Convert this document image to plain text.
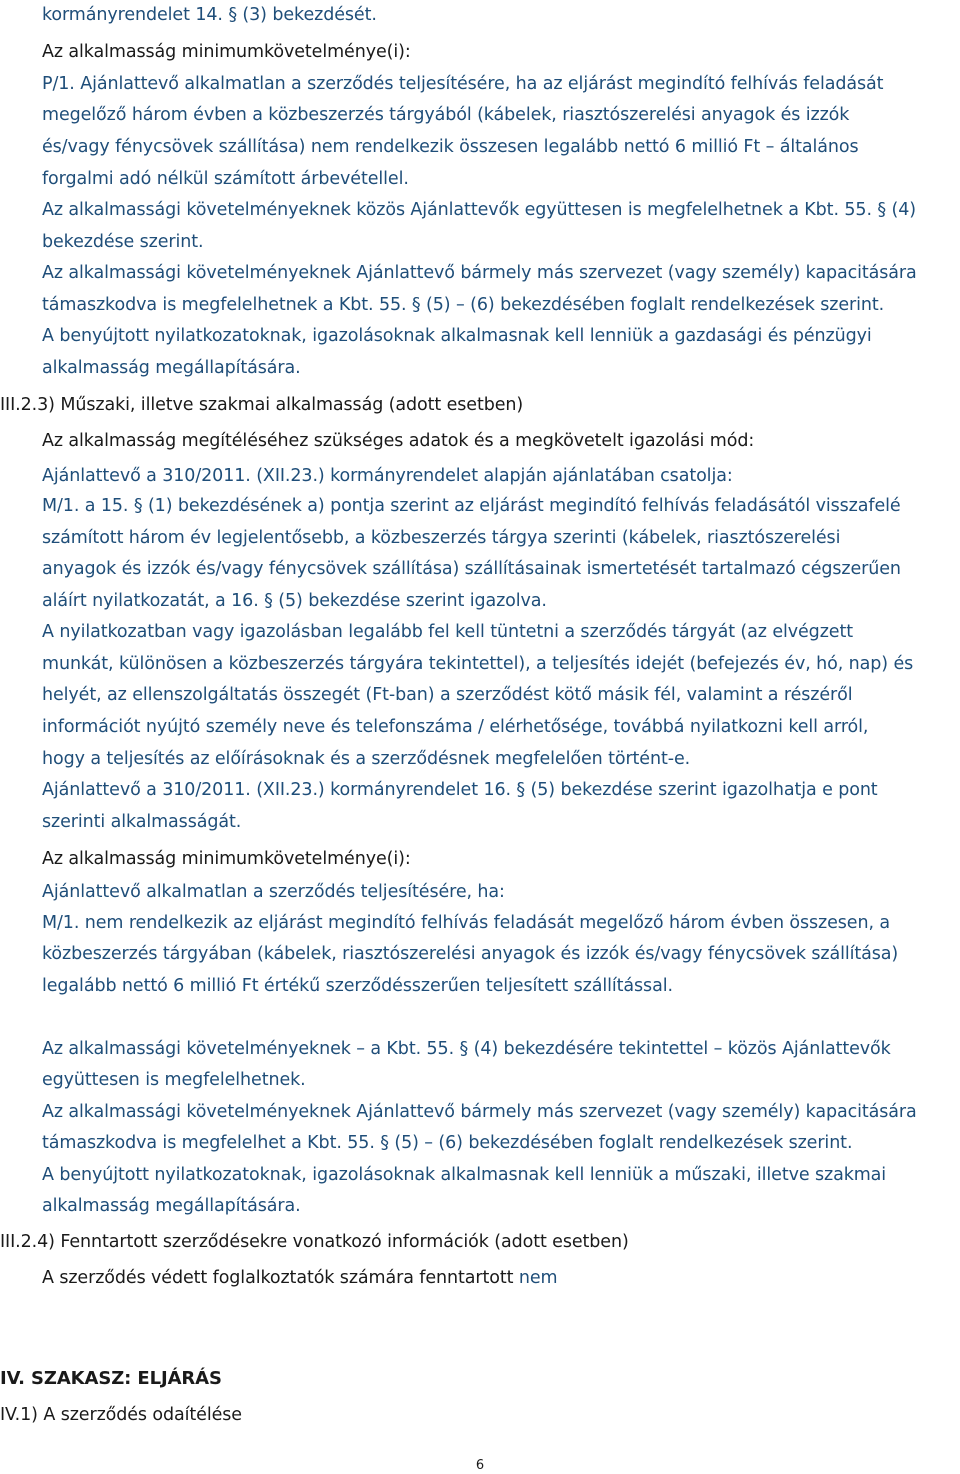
kormányrendelet 14. § (3) bekezdését.
Az alkalmasság minimumkövetelménye(i):
P/1. Ajánlattevő alkalmatlan a szerződés teljesítésére, ha az eljárást megindító felhívás feladását
megelőző három évben a közbeszerzés tárgyából (kábelek, riasztószerelési anyagok és izzók
és/vagy fénycsövek szállítása) nem rendelkezik összesen legalább nettó 6 millió Ft – általános
forgalmi adó nélkül számított árbevétellel.
Az alkalmassági követelményeknek közös Ajánlattevők együttesen is megfelelhetnek a Kbt. 55. § (4)
bekezdése szerint.
Az alkalmassági követelményeknek Ajánlattevő bármely más szervezet (vagy személy) kapacitására
támaszkodva is megfelelhetnek a Kbt. 55. § (5) – (6) bekezdésében foglalt rendelkezések szerint.
A benyújtott nyilatkozatoknak, igazolásoknak alkalmasnak kell lenniük a gazdasági és pénzügyi
alkalmasság megállapítására.
III.2.3) Műszaki, illetve szakmai alkalmasság (adott esetben)
Az alkalmasság megítéléséhez szükséges adatok és a megkövetelt igazolási mód:
Ajánlattevő a 310/2011. (XII.23.) kormányrendelet alapján ajánlatában csatolja:
M/1. a 15. § (1) bekezdésének a) pontja szerint az eljárást megindító felhívás feladásától visszafelé
számított három év legjelentősebb, a közbeszerzés tárgya szerinti (kábelek, riasztószerelési
anyagok és izzók és/vagy fénycsövek szállítása) szállításainak ismertetését tartalmazó cégszerűen
aláírt nyilatkozatát, a 16. § (5) bekezdése szerint igazolva.
A nyilatkozatban vagy igazolásban legalább fel kell tüntetni a szerződés tárgyát (az elvégzett
munkát, különösen a közbeszerzés tárgyára tekintettel), a teljesítés idejét (befejezés év, hó, nap) és
helyét, az ellenszolgáltatás összegét (Ft-ban) a szerződést kötő másik fél, valamint a részéről
információt nyújtó személy neve és telefonszáma / elérhetősége, továbbá nyilatkozni kell arról,
hogy a teljesítés az előírásoknak és a szerződésnek megfelelően történt-e.
Ajánlattevő a 310/2011. (XII.23.) kormányrendelet 16. § (5) bekezdése szerint igazolhatja e pont
szerinti alkalmasságát.
Az alkalmasság minimumkövetelménye(i):
Ajánlattevő alkalmatlan a szerződés teljesítésére, ha:
M/1. nem rendelkezik az eljárást megindító felhívás feladását megelőző három évben összesen, a
közbeszerzés tárgyában (kábelek, riasztószerelési anyagok és izzók és/vagy fénycsövek szállítása)
legalább nettó 6 millió Ft értékű szerződésszerűen teljesített szállítással.
Az alkalmassági követelményeknek – a Kbt. 55. § (4) bekezdésére tekintettel – közös Ajánlattevők
együttesen is megfelelhetnek.
Az alkalmassági követelményeknek Ajánlattevő bármely más szervezet (vagy személy) kapacitására
támaszkodva is megfelelhet a Kbt. 55. § (5) – (6) bekezdésében foglalt rendelkezések szerint.
A benyújtott nyilatkozatoknak, igazolásoknak alkalmasnak kell lenniük a műszaki, illetve szakmai
alkalmasság megállapítására.
III.2.4) Fenntartott szerződésekre vonatkozó információk (adott esetben)
A szerződés védett foglalkoztatók számára fenntartott nem
IV. SZAKASZ: ELJÁRÁS
IV.1) A szerződés odaítélése
6
